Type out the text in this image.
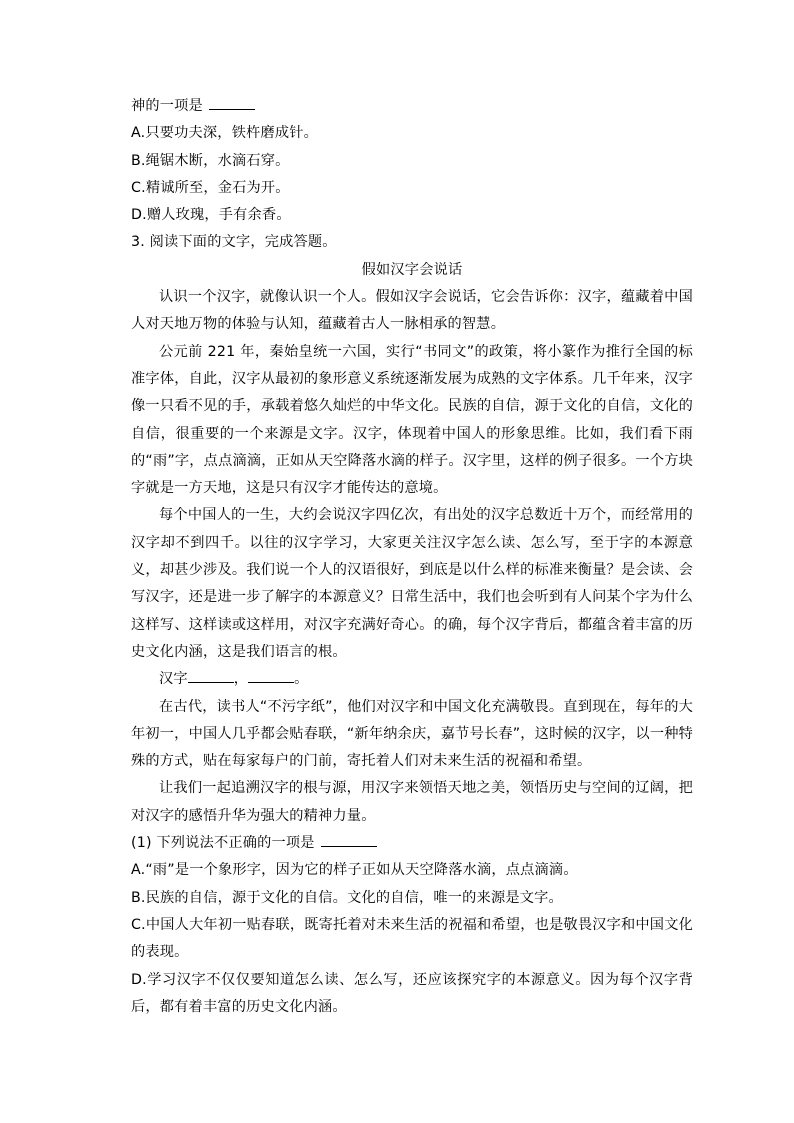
神的一项是

A.只要功夫深，铁杵磨成针。

B.绳锯木断，水滴石穿。

C.精诚所至，金石为开。

D.赠人玫瑰，手有余香。

3. 阅读下面的文字，完成答题。

假如汉字会说话

认识一个汉字，就像认识一个人。假如汉字会说话，它会告诉你：汉字，蕴藏着中国人对天地万物的体验与认知，蕴藏着古人一脉相承的智慧。

公元前 221 年，秦始皇统一六国，实行“书同文”的政策，将小篆作为推行全国的标准字体，自此，汉字从最初的象形意义系统逐渐发展为成熟的文字体系。几千年来，汉字像一只看不见的手，承载着悠久灿烂的中华文化。民族的自信，源于文化的自信，文化的自信，很重要的一个来源是文字。汉字，体现着中国人的形象思维。比如，我们看下雨的“雨”字，点点滴滴，正如从天空降落水滴的样子。汉字里，这样的例子很多。一个方块字就是一方天地，这是只有汉字才能传达的意境。

每个中国人的一生，大约会说汉字四亿次，有出处的汉字总数近十万个，而经常用的汉字却不到四千。以往的汉字学习，大家更关注汉字怎么读、怎么写，至于字的本源意义，却甚少涉及。我们说一个人的汉语很好，到底是以什么样的标准来衡量？是会读、会写汉字，还是进一步了解字的本源意义？日常生活中，我们也会听到有人问某个字为什么这样写、这样读或这样用，对汉字充满好奇心。的确，每个汉字背后，都蕴含着丰富的历史文化内涵，这是我们语言的根。

汉字	，	。

在古代，读书人“不污字纸”，他们对汉字和中国文化充满敬畏。直到现在，每年的大年初一，中国人几乎都会贴春联，“新年纳余庆，嘉节号长春”，这时候的汉字，以一种特殊的方式，贴在每家每户的门前，寄托着人们对未来生活的祝福和希望。

让我们一起追溯汉字的根与源，用汉字来领悟天地之美，领悟历史与空间的辽阔，把对汉字的感悟升华为强大的精神力量。

(1) 下列说法不正确的一项是

A.“雨”是一个象形字，因为它的样子正如从天空降落水滴，点点滴滴。

B.民族的自信，源于文化的自信。文化的自信，唯一的来源是文字。

C.中国人大年初一贴春联，既寄托着对未来生活的祝福和希望，也是敬畏汉字和中国文化的表现。

D.学习汉字不仅仅要知道怎么读、怎么写，还应该探究字的本源意义。因为每个汉字背后，都有着丰富的历史文化内涵。
